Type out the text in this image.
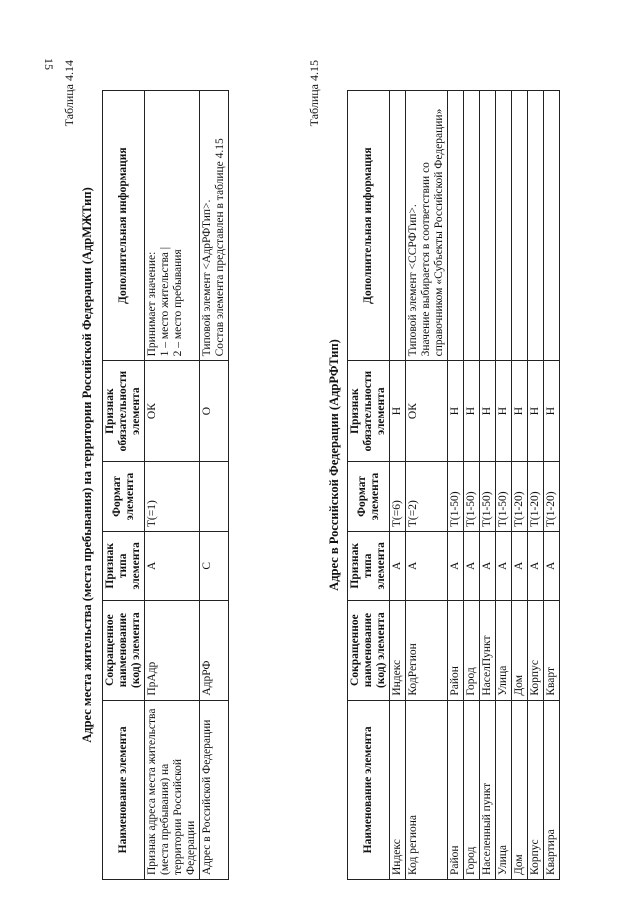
15 Таблица 4.14
Адрес места жительства (места пребывания) на территории Российской Федерации (АдрМЖТип)
Наименование элемента	Сокращенное наименование (код) элемента	Признак типа элемента	Формат элемента	Признак обязательности элемента	Дополнительная информация
Признак адреса места жительства (места пребывания) на территории Российской Федерации	ПрАдр	А	Т(=1)	ОК	Принимает значение:
1 – место жительства |
2 – место пребывания
Адрес в Российской Федерации	АдрРФ	С		О	Типовой элемент <АдрРФТип>.
Состав элемента представлен в таблице 4.15
Таблица 4.15
Адрес в Российской Федерации (АдрРФТип)
Наименование элемента	Сокращенное наименование (код) элемента	Признак типа элемента	Формат элемента	Признак обязательности элемента	Дополнительная информация
Индекс	Индекс	А	Т(=6)	Н	
Код региона	КодРегион	А	Т(=2)	ОК	Типовой элемент <ССРФТип>.
Значение выбирается в соответствии со справочником «Субъекты Российской Федерации»
Район	Район	А	Т(1-50)	Н	
Город	Город	А	Т(1-50)	Н	
Населенный пункт	НаселПункт	А	Т(1-50)	Н	
Улица	Улица	А	Т(1-50)	Н	
Дом	Дом	А	Т(1-20)	Н	
Корпус	Корпус	А	Т(1-20)	Н	
Квартира	Кварт	А	Т(1-20)	Н	
